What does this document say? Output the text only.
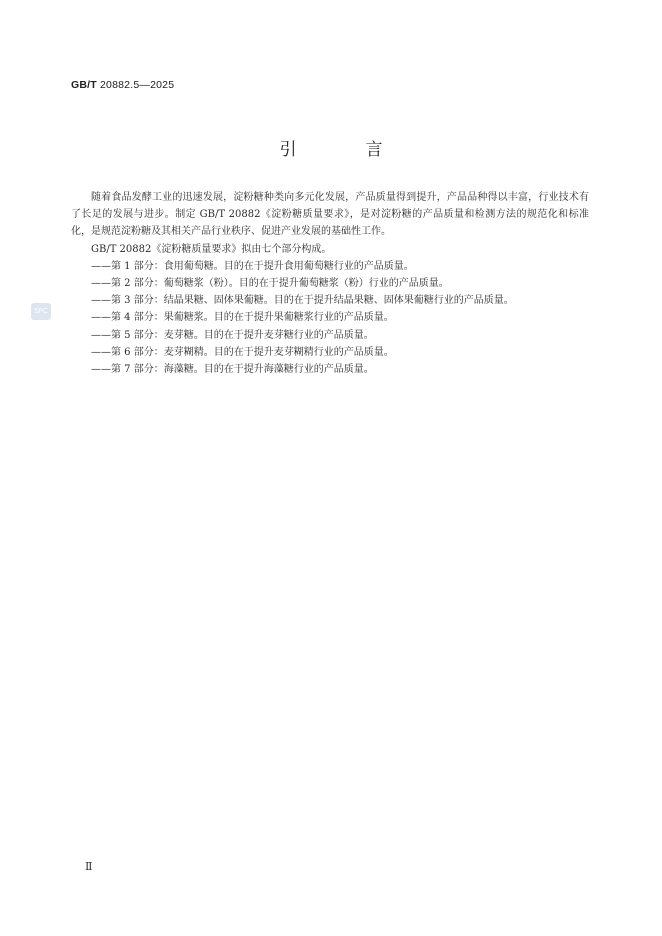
GB/T 20882.5—2025
引　言
SPC

随着食品发酵工业的迅速发展，淀粉糖种类向多元化发展，产品质量得到提升，产品品种得以丰富，行业技术有了长足的发展与进步。制定 GB/T 20882《淀粉糖质量要求》，是对淀粉糖的产品质量和检测方法的规范化和标准化，是规范淀粉糖及其相关产品行业秩序、促进产业发展的基础性工作。

GB/T 20882《淀粉糖质量要求》拟由七个部分构成。

——第 1 部分：食用葡萄糖。目的在于提升食用葡萄糖行业的产品质量。
——第 2 部分：葡萄糖浆（粉）。目的在于提升葡萄糖浆（粉）行业的产品质量。
——第 3 部分：结晶果糖、固体果葡糖。目的在于提升结晶果糖、固体果葡糖行业的产品质量。
——第 4 部分：果葡糖浆。目的在于提升果葡糖浆行业的产品质量。
——第 5 部分：麦芽糖。目的在于提升麦芽糖行业的产品质量。
——第 6 部分：麦芽糊精。目的在于提升麦芽糊精行业的产品质量。
——第 7 部分：海藻糖。目的在于提升海藻糖行业的产品质量。
Ⅱ
